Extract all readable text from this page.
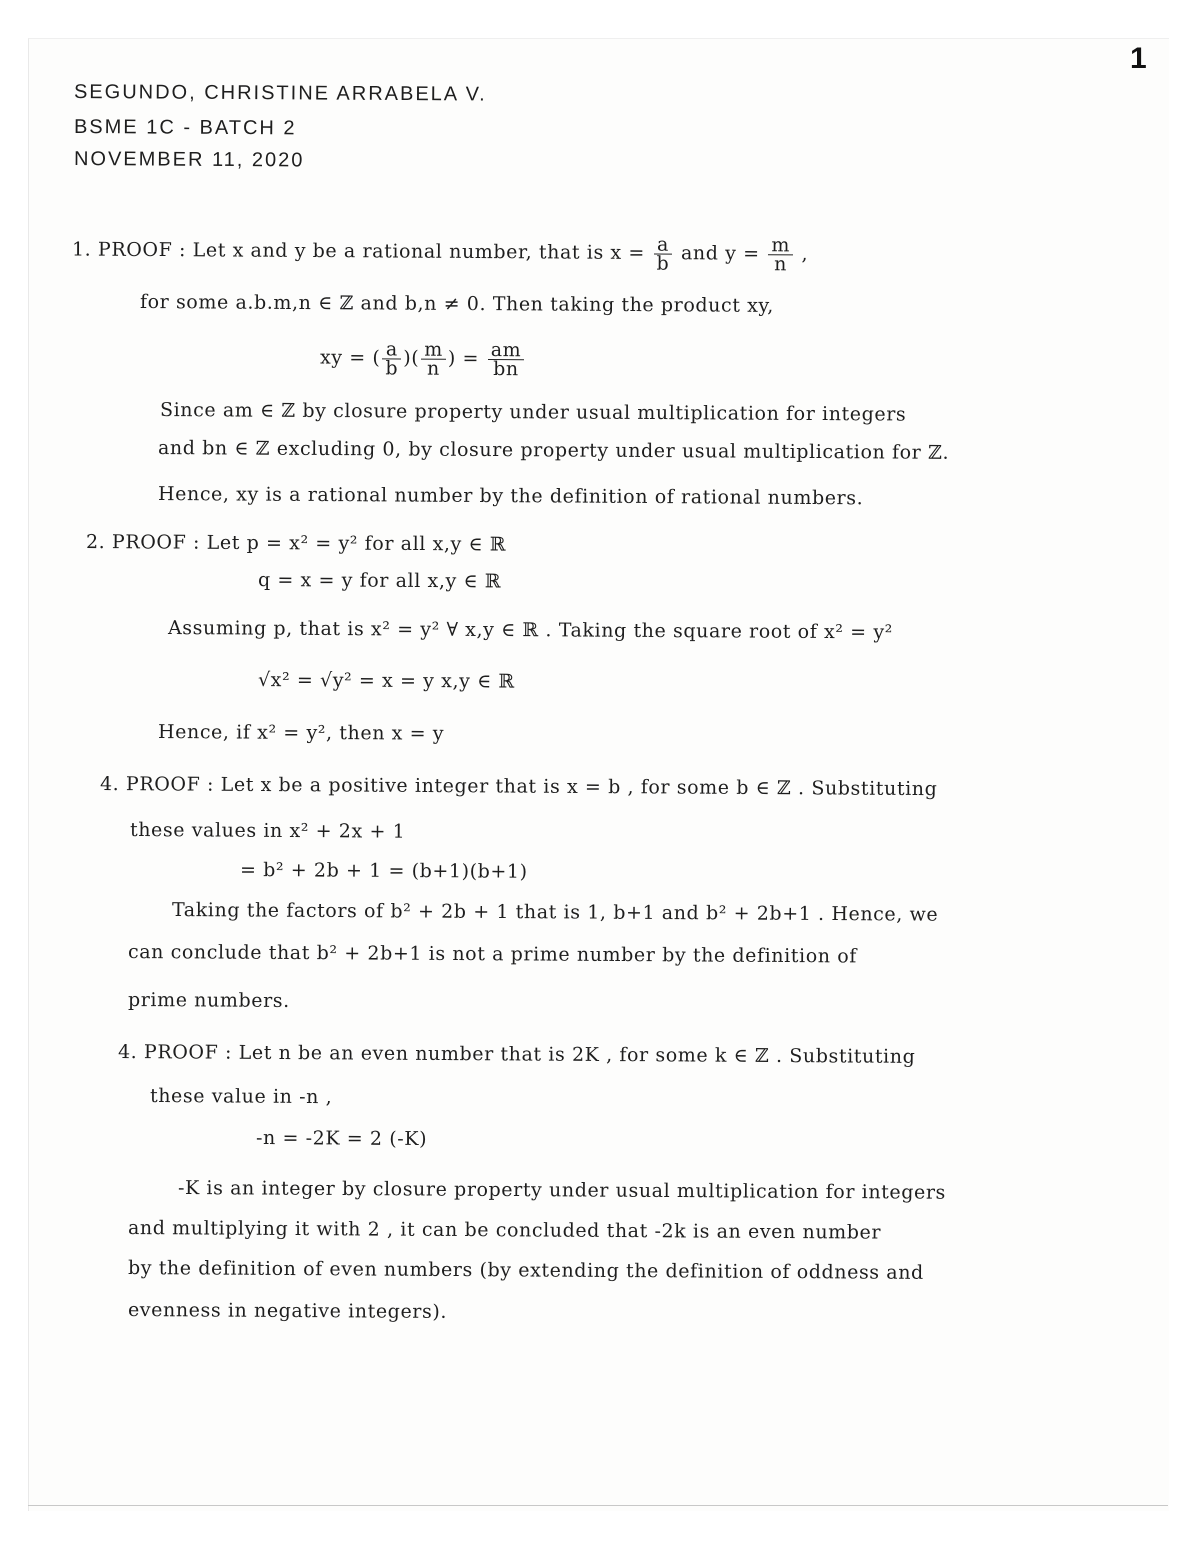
1
SEGUNDO, CHRISTINE ARRABELA V.
BSME 1C - BATCH 2
NOVEMBER 11, 2020
1. PROOF : Let x and y be a rational number, that is $x = \frac{a}{b}$ and $y = \frac{m}{n}$ ,
for some a.b.m,n ∈ ℤ and b,n ≠ 0. Then taking the product xy,
xy = ( $\frac{a}{b}$ )( $\frac{m}{n}$ ) = $\frac{am}{bn}$
Since am ∈ ℤ by closure property under usual multiplication for integers
and bn ∈ ℤ excluding 0, by closure property under usual multiplication for ℤ.
Hence, xy is a rational number by the definition of rational numbers.
2. PROOF : Let p = x² = y² for all x,y ∈ ℝ
q = x = y for all x,y ∈ ℝ
Assuming p, that is x² = y² ∀ x,y ∈ ℝ . Taking the square root of x² = y²
√x² = √y² = x = y x,y ∈ ℝ
Hence, if x² = y², then x = y
4. PROOF : Let x be a positive integer that is x = b , for some b ∈ ℤ . Substituting
these values in x² + 2x + 1
= b² + 2b + 1 = (b+1)(b+1)
Taking the factors of b² + 2b + 1 that is 1, b+1 and b² + 2b+1 . Hence, we
can conclude that b² + 2b+1 is not a prime number by the definition of
prime numbers.
4. PROOF : Let n be an even number that is 2K , for some k ∈ ℤ . Substituting
these value in -n ,
-n = -2K = 2 (-K)
-K is an integer by closure property under usual multiplication for integers
and multiplying it with 2 , it can be concluded that -2k is an even number
by the definition of even numbers (by extending the definition of oddness and
evenness in negative integers).
